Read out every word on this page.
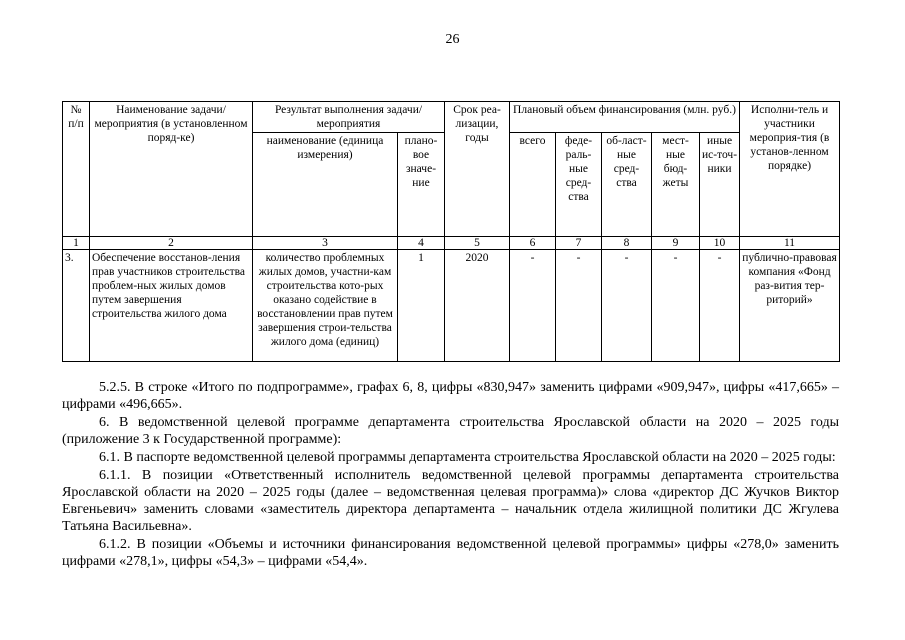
26
№ п/п	Наименование задачи/ мероприятия (в установленном поряд-ке)	Результат выполнения задачи/ мероприятия		Срок реа-лизации, годы	Плановый объем финансирования (млн. руб.)					Исполни-тель и участники мероприя-тия (в установ-ленном порядке)
		наименование (единица измерения)	плано-вое значе-ние		всего	феде-раль-ные сред-ства	об-ласт-ные сред-ства	мест-ные бюд-жеты	иные ис-точ-ники	
1	2	3	4	5	6	7	8	9	10	11
3.	Обеспечение восстанов-ления прав участников строительства проблем-ных жилых домов путем завершения строительства жилого дома	количество проблемных жилых домов, участни-кам строительства кото-рых оказано содействие в восстановлении прав путем завершения строи-тельства жилого дома (единиц)	1	2020	-	-	-	-	-	публично-правовая компания «Фонд раз-вития тер-риторий»

5.2.5. В строке «Итого по подпрограмме», графах 6, 8, цифры «830,947» заменить цифрами «909,947», цифры «417,665» – цифрами «496,665».

6. В ведомственной целевой программе департамента строительства Ярославской области на 2020 – 2025 годы (приложение 3 к Государственной программе):

6.1. В паспорте ведомственной целевой программы департамента строительства Ярославской области на 2020 – 2025 годы:

6.1.1. В позиции «Ответственный исполнитель ведомственной целевой программы департамента строительства Ярославской области на 2020 – 2025 годы (далее – ведомственная целевая программа)» слова «директор ДС Жучков Виктор Евгеньевич» заменить словами «заместитель директора департамента – начальник отдела жилищной политики ДС Жгулева Татьяна Васильевна».

6.1.2. В позиции «Объемы и источники финансирования ведомственной целевой программы» цифры «278,0» заменить цифрами «278,1», цифры «54,3» – цифрами «54,4».
